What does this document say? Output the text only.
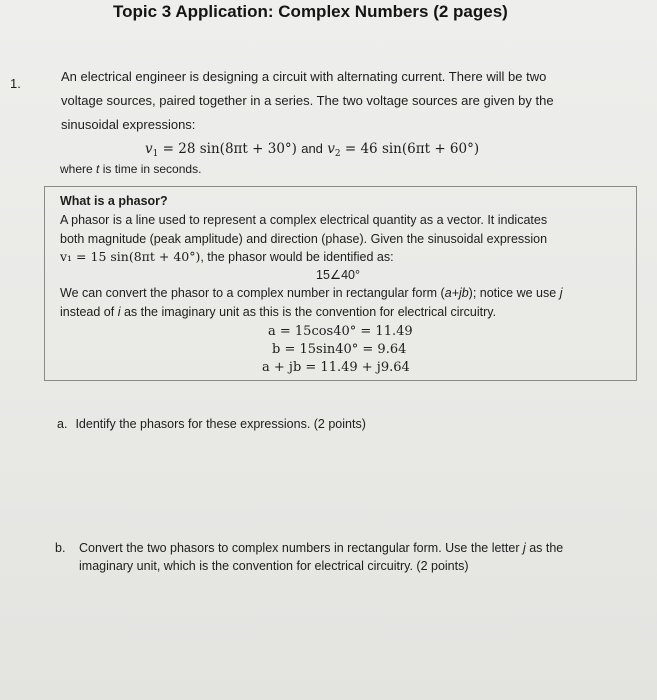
Topic 3 Application: Complex Numbers (2 pages)
1.	An electrical engineer is designing a circuit with alternating current. There will be two
voltage sources, paired together in a series. The two voltage sources are given by the
sinusoidal expressions:
$v_1 = 28$ sin(8πt + 30°) and $v_2 = 46$ sin(6πt + 60°)
where t is time in seconds.
What is a phasor?
A phasor is a line used to represent a complex electrical quantity as a vector. It indicates
both magnitude (peak amplitude) and direction (phase). Given the sinusoidal expression
v₁ = 15 sin(8πt + 40°), the phasor would be identified as:
15∠40°
We can convert the phasor to a complex number in rectangular form (a+jb); notice we use j
instead of i as the imaginary unit as this is the convention for electrical circuitry.
a = 15cos40° = 11.49
b = 15sin40° = 9.64
a + jb = 11.49 + j9.64
a. Identify the phasors for these expressions. (2 points)
b. Convert the two phasors to complex numbers in rectangular form. Use the letter j as the
imaginary unit, which is the convention for electrical circuitry. (2 points)
